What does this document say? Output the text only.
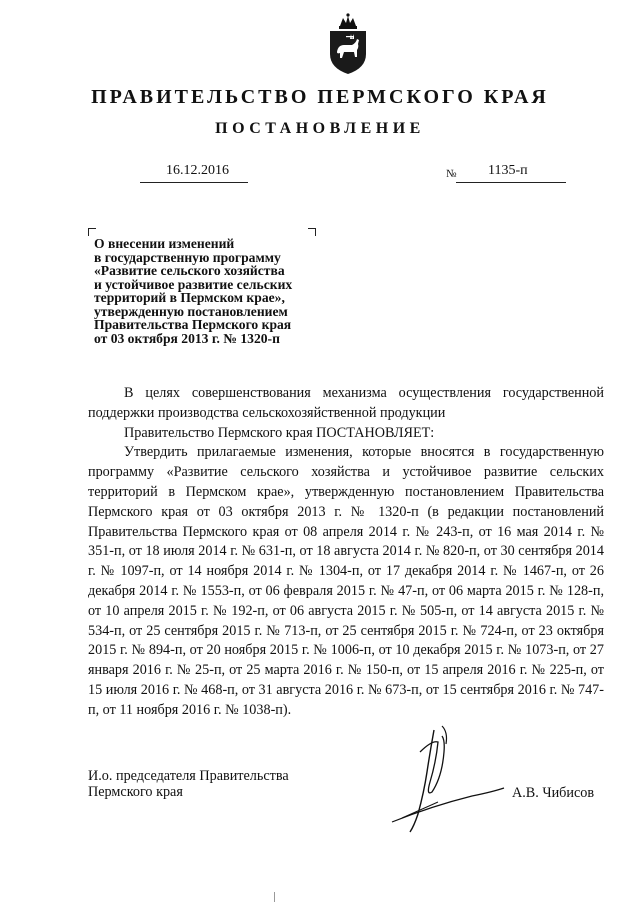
ПРАВИТЕЛЬСТВО ПЕРМСКОГО КРАЯ
ПОСТАНОВЛЕНИЕ
16.12.2016	№ 1135-п
О внесении изменений
в государственную программу
«Развитие сельского хозяйства
и устойчивое развитие сельских
территорий в Пермском крае»,
утвержденную постановлением
Правительства Пермского края
от 03 октября 2013 г. № 1320-п

В целях совершенствования механизма осуществления государственной поддержки производства сельскохозяйственной продукции

Правительство Пермского края ПОСТАНОВЛЯЕТ:

Утвердить прилагаемые изменения, которые вносятся в государственную программу «Развитие сельского хозяйства и устойчивое развитие сельских территорий в Пермском крае», утвержденную постановлением Правительства Пермского края от 03 октября 2013 г. № 1320-п (в редакции постановлений Правительства Пермского края от 08 апреля 2014 г. № 243-п, от 16 мая 2014 г. № 351-п, от 18 июля 2014 г. № 631-п, от 18 августа 2014 г. № 820-п, от 30 сентября 2014 г. № 1097-п, от 14 ноября 2014 г. № 1304-п, от 17 декабря 2014 г. № 1467-п, от 26 декабря 2014 г. № 1553-п, от 06 февраля 2015 г. № 47-п, от 06 марта 2015 г. № 128-п, от 10 апреля 2015 г. № 192-п, от 06 августа 2015 г. № 505-п, от 14 августа 2015 г. № 534-п, от 25 сентября 2015 г. № 713-п, от 25 сентября 2015 г. № 724-п, от 23 октября 2015 г. № 894-п, от 20 ноября 2015 г. № 1006-п, от 10 декабря 2015 г. № 1073-п, от 27 января 2016 г. № 25-п, от 25 марта 2016 г. № 150-п, от 15 апреля 2016 г. № 225-п, от 15 июля 2016 г. № 468-п, от 31 августа 2016 г. № 673-п, от 15 сентября 2016 г. № 747-п, от 11 ноября 2016 г. № 1038-п).

И.о. председателя Правительства
Пермского края	А.В. Чибисов
